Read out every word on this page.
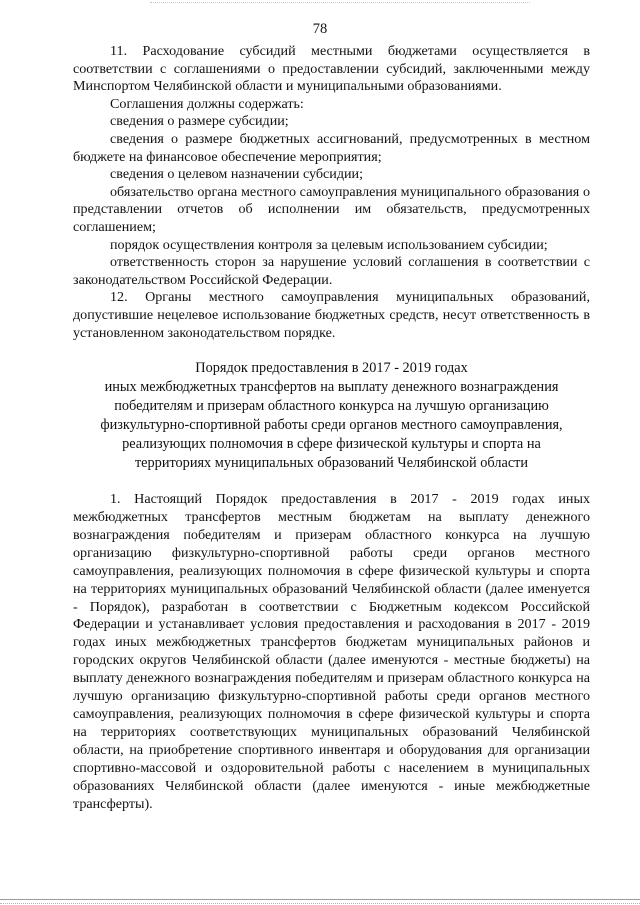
78

11. Расходование субсидий местными бюджетами осуществляется в соответствии с соглашениями о предоставлении субсидий, заключенными между Минспортом Челябинской области и муниципальными образованиями.

Соглашения должны содержать:

сведения о размере субсидии;

сведения о размере бюджетных ассигнований, предусмотренных в местном бюджете на финансовое обеспечение мероприятия;

сведения о целевом назначении субсидии;

обязательство органа местного самоуправления муниципального образования о представлении отчетов об исполнении им обязательств, предусмотренных соглашением;

порядок осуществления контроля за целевым использованием субсидии;

ответственность сторон за нарушение условий соглашения в соответствии с законодательством Российской Федерации.

12. Органы местного самоуправления муниципальных образований, допустившие нецелевое использование бюджетных средств, несут ответственность в установленном законодательством порядке.

Порядок предоставления в 2017 - 2019 годах
иных межбюджетных трансфертов на выплату денежного вознаграждения
победителям и призерам областного конкурса на лучшую организацию
физкультурно-спортивной работы среди органов местного самоуправления,
реализующих полномочия в сфере физической культуры и спорта на
территориях муниципальных образований Челябинской области

1. Настоящий Порядок предоставления в 2017 - 2019 годах иных межбюджетных трансфертов местным бюджетам на выплату денежного вознаграждения победителям и призерам областного конкурса на лучшую организацию физкультурно-спортивной работы среди органов местного самоуправления, реализующих полномочия в сфере физической культуры и спорта на территориях муниципальных образований Челябинской области (далее именуется - Порядок), разработан в соответствии с Бюджетным кодексом Российской Федерации и устанавливает условия предоставления и расходования в 2017 - 2019 годах иных межбюджетных трансфертов бюджетам муниципальных районов и городских округов Челябинской области (далее именуются - местные бюджеты) на выплату денежного вознаграждения победителям и призерам областного конкурса на лучшую организацию физкультурно-спортивной работы среди органов местного самоуправления, реализующих полномочия в сфере физической культуры и спорта на территориях соответствующих муниципальных образований Челябинской области, на приобретение спортивного инвентаря и оборудования для организации спортивно-массовой и оздоровительной работы с населением в муниципальных образованиях Челябинской области (далее именуются - иные межбюджетные трансферты).
